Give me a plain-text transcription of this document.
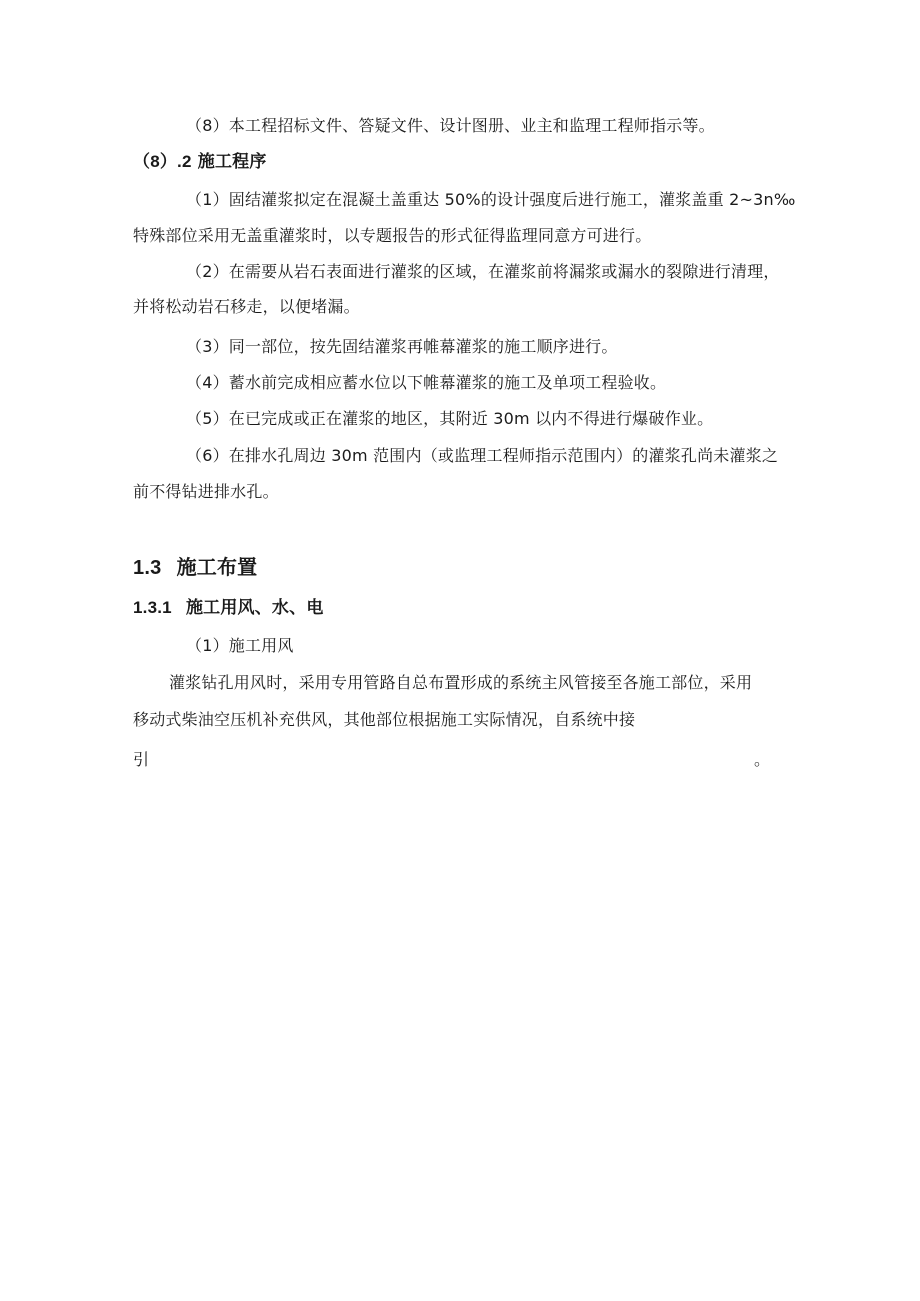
（8）本工程招标文件、答疑文件、设计图册、业主和监理工程师指示等。
（8）.2 施工程序
（1）固结灌浆拟定在混凝土盖重达 50%的设计强度后进行施工，灌浆盖重 2~3n‰
特殊部位采用无盖重灌浆时，以专题报告的形式征得监理同意方可进行。
（2）在需要从岩石表面进行灌浆的区域，在灌浆前将漏浆或漏水的裂隙进行清理，
并将松动岩石移走，以便堵漏。
（3）同一部位，按先固结灌浆再帷幕灌浆的施工顺序进行。
（4）蓄水前完成相应蓄水位以下帷幕灌浆的施工及单项工程验收。
（5）在已完成或正在灌浆的地区，其附近 30m 以内不得进行爆破作业。
（6）在排水孔周边 30m 范围内（或监理工程师指示范围内）的灌浆孔尚未灌浆之
前不得钻进排水孔。
1.3 施工布置
1.3.1 施工用风、水、电
（1）施工用风
灌浆钻孔用风时，采用专用管路自总布置形成的系统主风管接至各施工部位，采用
移动式柴油空压机补充供风，其他部位根据施工实际情况，自系统中接
引	。
